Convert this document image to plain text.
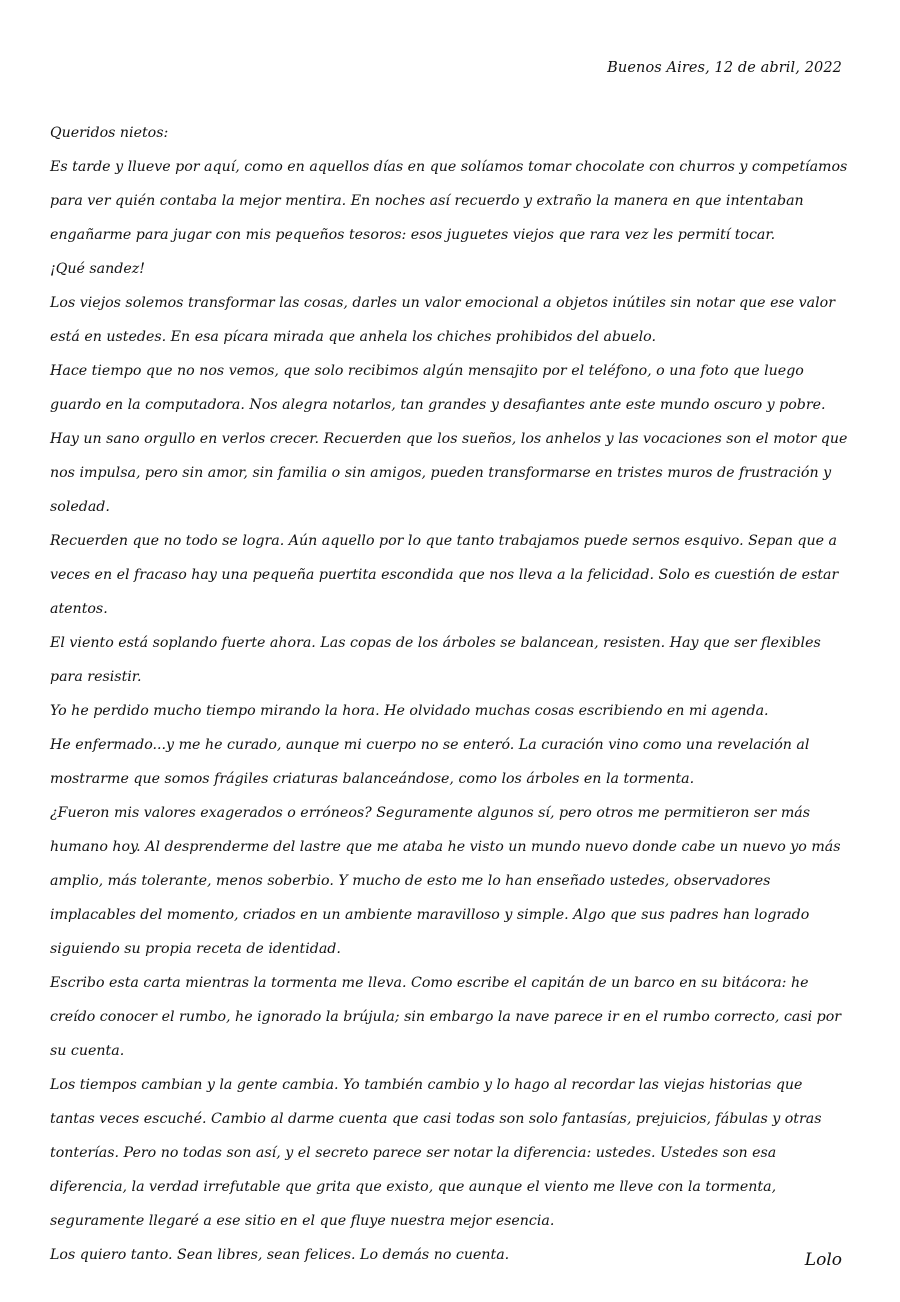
Buenos Aires, 12 de abril, 2022

Queridos nietos:

Es tarde y llueve por aquí, como en aquellos días en que solíamos tomar chocolate con churros y competíamos para ver quién contaba la mejor mentira. En noches así recuerdo y extraño la manera en que intentaban engañarme para jugar con mis pequeños tesoros: esos juguetes viejos que rara vez les permití tocar.

¡Qué sandez!

Los viejos solemos transformar las cosas, darles un valor emocional a objetos inútiles sin notar que ese valor está en ustedes. En esa pícara mirada que anhela los chiches prohibidos del abuelo.

Hace tiempo que no nos vemos, que solo recibimos algún mensajito por el teléfono, o una foto que luego guardo en la computadora. Nos alegra notarlos, tan grandes y desafiantes ante este mundo oscuro y pobre.

Hay un sano orgullo en verlos crecer. Recuerden que los sueños, los anhelos y las vocaciones son el motor que nos impulsa, pero sin amor, sin familia o sin amigos, pueden transformarse en tristes muros de frustración y soledad.

Recuerden que no todo se logra. Aún aquello por lo que tanto trabajamos puede sernos esquivo. Sepan que a veces en el fracaso hay una pequeña puertita escondida que nos lleva a la felicidad. Solo es cuestión de estar atentos.

El viento está soplando fuerte ahora. Las copas de los árboles se balancean, resisten. Hay que ser flexibles para resistir.

Yo he perdido mucho tiempo mirando la hora. He olvidado muchas cosas escribiendo en mi agenda.

He enfermado...y me he curado, aunque mi cuerpo no se enteró. La curación vino como una revelación al mostrarme que somos frágiles criaturas balanceándose, como los árboles en la tormenta.

¿Fueron mis valores exagerados o erróneos? Seguramente algunos sí, pero otros me permitieron ser más humano hoy. Al desprenderme del lastre que me ataba he visto un mundo nuevo donde cabe un nuevo yo más amplio, más tolerante, menos soberbio. Y mucho de esto me lo han enseñado ustedes, observadores implacables del momento, criados en un ambiente maravilloso y simple. Algo que sus padres han logrado siguiendo su propia receta de identidad.

Escribo esta carta mientras la tormenta me lleva. Como escribe el capitán de un barco en su bitácora: he creído conocer el rumbo, he ignorado la brújula; sin embargo la nave parece ir en el rumbo correcto, casi por su cuenta.

Los tiempos cambian y la gente cambia. Yo también cambio y lo hago al recordar las viejas historias que tantas veces escuché. Cambio al darme cuenta que casi todas son solo fantasías, prejuicios, fábulas y otras tonterías. Pero no todas son así, y el secreto parece ser notar la diferencia: ustedes. Ustedes son esa diferencia, la verdad irrefutable que grita que existo, que aunque el viento me lleve con la tormenta, seguramente llegaré a ese sitio en el que fluye nuestra mejor esencia.

Los quiero tanto. Sean libres, sean felices. Lo demás no cuenta.	Lolo
